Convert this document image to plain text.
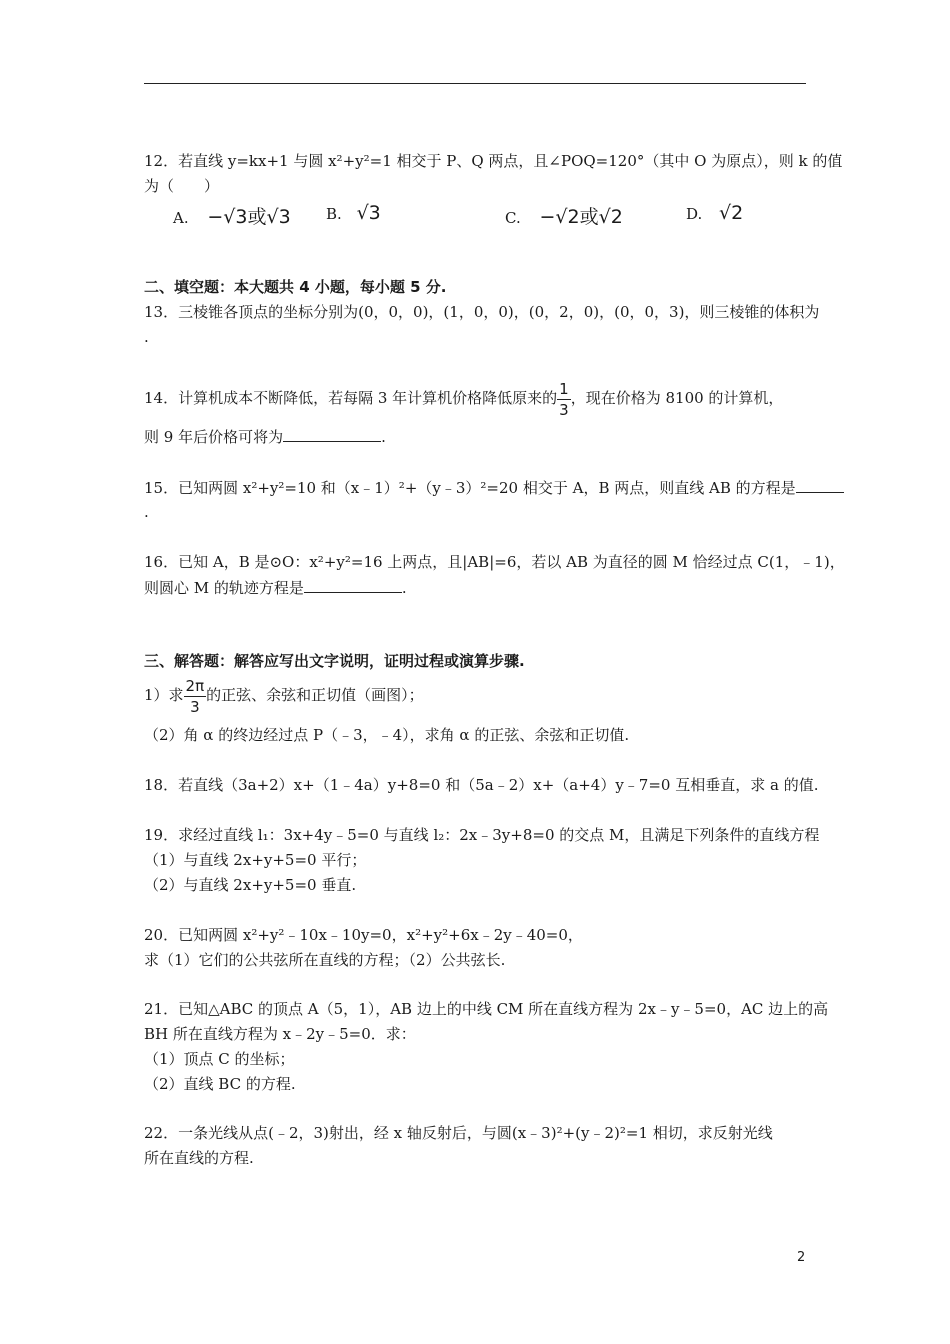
12．若直线 y=kx+1 与圆 x²+y²=1 相交于 P、Q 两点，且∠POQ=120°（其中 O 为原点），则 k 的值
为（　　）
A. −√3或√3 B. √3	C. −√2或√2	D. √2
二、填空题：本大题共 4 小题，每小题 5 分.
13．三棱锥各顶点的坐标分别为(0，0，0)，(1，0，0)，(0，2，0)，(0，0，3)，则三棱锥的体积为
.
14．计算机成本不断降低，若每隔 3 年计算机价格降低原来的 $\frac{1}{3}$ ，现在价格为 8100 的计算机，
则 9 年后价格可将为	.
15．已知两圆 x²+y²=10 和（x﹣1）²+（y﹣3）²=20 相交于 A，B 两点，则直线 AB 的方程是
.
16．已知 A，B 是⊙O：x²+y²=16 上两点，且|AB|=6，若以 AB 为直径的圆 M 恰经过点 C(1，﹣1)，
则圆心 M 的轨迹方程是	.
三、解答题：解答应写出文字说明，证明过程或演算步骤.
1）求 $\frac{2\pi}{3}$ 的正弦、余弦和正切值（画图）；
（2）角 α 的终边经过点 P（﹣3，﹣4），求角 α 的正弦、余弦和正切值.
18．若直线（3a+2）x+（1﹣4a）y+8=0 和（5a﹣2）x+（a+4）y﹣7=0 互相垂直，求 a 的值.
19．求经过直线 l₁：3x+4y﹣5=0 与直线 l₂：2x﹣3y+8=0 的交点 M，且满足下列条件的直线方程
（1）与直线 2x+y+5=0 平行；
（2）与直线 2x+y+5=0 垂直.
20．已知两圆 x²+y²﹣10x﹣10y=0，x²+y²+6x﹣2y﹣40=0，
求（1）它们的公共弦所在直线的方程；（2）公共弦长.
21．已知△ABC 的顶点 A（5，1），AB 边上的中线 CM 所在直线方程为 2x﹣y﹣5=0，AC 边上的高
BH 所在直线方程为 x﹣2y﹣5=0．求：
（1）顶点 C 的坐标；
（2）直线 BC 的方程.
22．一条光线从点(﹣2，3)射出，经 x 轴反射后，与圆(x﹣3)²+(y﹣2)²=1 相切，求反射光线
所在直线的方程.
2
